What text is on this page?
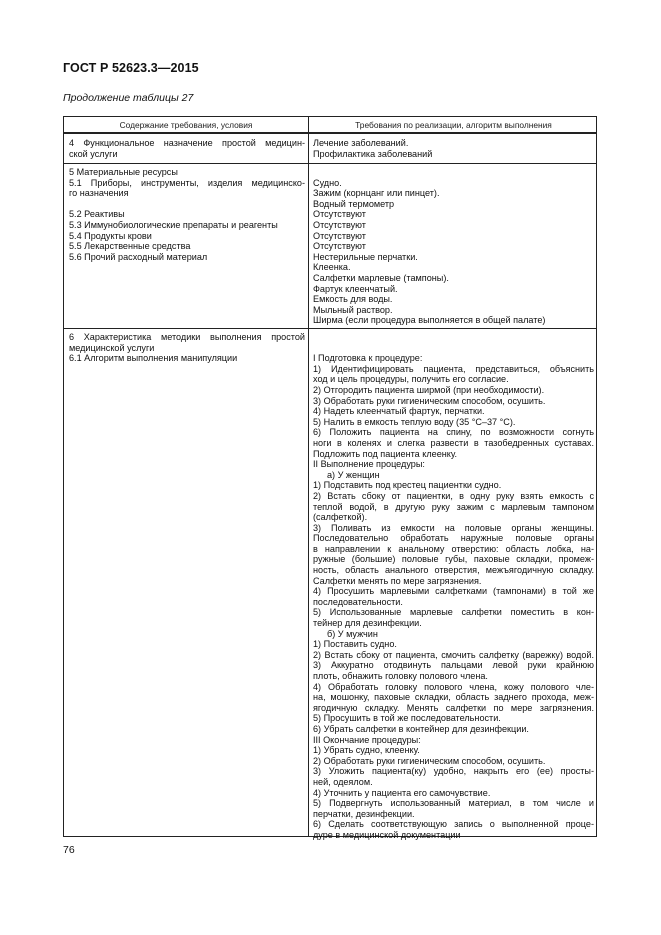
ГОСТ Р 52623.3—2015
Продолжение таблицы 27
Содержание требования, условия	Требования по реализации, алгоритм выполнения
4 Функциональное назначение простой медицин-
ской услуги
Лечение заболеваний.
Профилактика заболеваний
5 Материальные ресурсы
5.1 Приборы, инструменты, изделия медицинско-
го назначения
5.2 Реактивы
5.3 Иммунобиологические препараты и реагенты
5.4 Продукты крови
5.5 Лекарственные средства
5.6 Прочий расходный материал
Судно.
Зажим (корнцанг или пинцет).
Водный термометр
Отсутствуют
Отсутствуют
Отсутствуют
Отсутствуют
Нестерильные перчатки.
Клеенка.
Салфетки марлевые (тампоны).
Фартук клеенчатый.
Емкость для воды.
Мыльный раствор.
Ширма (если процедура выполняется в общей палате)
6 Характеристика методики выполнения простой
медицинской услуги
6.1 Алгоритм выполнения манипуляции	I Подготовка к процедуре:
1) Идентифицировать пациента, представиться, объяснить
ход и цель процедуры, получить его согласие.
2) Отгородить пациента ширмой (при необходимости).
3) Обработать руки гигиеническим способом, осушить.
4) Надеть клеенчатый фартук, перчатки.
5) Налить в емкость теплую воду (35 °С–37 °С).
6) Положить пациента на спину, по возможности согнуть
ноги в коленях и слегка развести в тазобедренных суставах.
Подложить под пациента клеенку.
II Выполнение процедуры:
а) У женщин
1) Подставить под крестец пациентки судно.
2) Встать сбоку от пациентки, в одну руку взять емкость с
теплой водой, в другую руку зажим с марлевым тампоном
(салфеткой).
3) Поливать из емкости на половые органы женщины.
Последовательно обработать наружные половые органы
в направлении к анальному отверстию: область лобка, на-
ружные (большие) половые губы, паховые складки, промеж-
ность, область анального отверстия, межъягодичную складку.
Салфетки менять по мере загрязнения.
4) Просушить марлевыми салфетками (тампонами) в той же
последовательности.
5) Использованные марлевые салфетки поместить в кон-
тейнер для дезинфекции.
б) У мужчин
1) Поставить судно.
2) Встать сбоку от пациента, смочить салфетку (варежку) водой.
3) Аккуратно отодвинуть пальцами левой руки крайнюю
плоть, обнажить головку полового члена.
4) Обработать головку полового члена, кожу полового чле-
на, мошонку, паховые складки, область заднего прохода, меж-
ягодичную складку. Менять салфетки по мере загрязнения.
5) Просушить в той же последовательности.
6) Убрать салфетки в контейнер для дезинфекции.
III Окончание процедуры:
1) Убрать судно, клеенку.
2) Обработать руки гигиеническим способом, осушить.
3) Уложить пациента(ку) удобно, накрыть его (ее) просты-
ней, одеялом.
4) Уточнить у пациента его самочувствие.
5) Подвергнуть использованный материал, в том числе и
перчатки, дезинфекции.
6) Сделать соответствующую запись о выполненной проце-
дуре в медицинской документации
76
